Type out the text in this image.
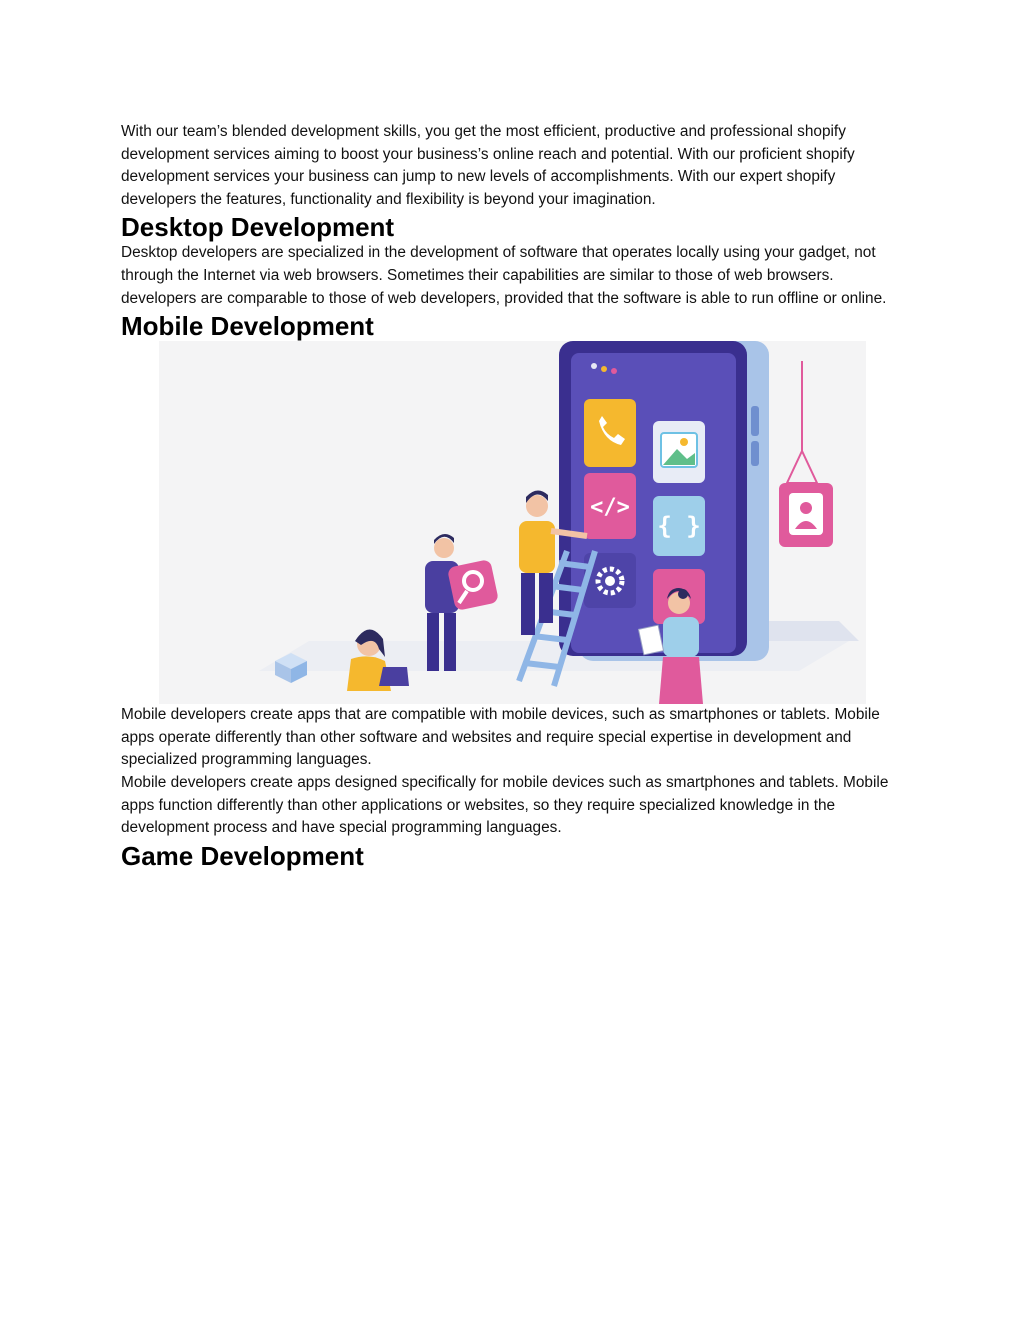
With our team’s blended development skills, you get the most efficient, productive and professional shopify development services aiming to boost your business’s online reach and potential. With our proficient shopify development services your business can jump to new levels of accomplishments. With our expert shopify developers the features, functionality and flexibility is beyond your imagination.

Desktop Development

Desktop developers are specialized in the development of software that operates locally using your gadget, not through the Internet via web browsers. Sometimes their capabilities are similar to those of web browsers. developers are comparable to those of web developers, provided that the software is able to run offline or online.

Mobile Development
</>
{ }

Mobile developers create apps that are compatible with mobile devices, such as smartphones or tablets. Mobile apps operate differently than other software and websites and require special expertise in development and specialized programming languages.

Mobile developers create apps designed specifically for mobile devices such as smartphones and tablets. Mobile apps function differently than other applications or websites, so they require specialized knowledge in the development process and have special programming languages.

Game Development
